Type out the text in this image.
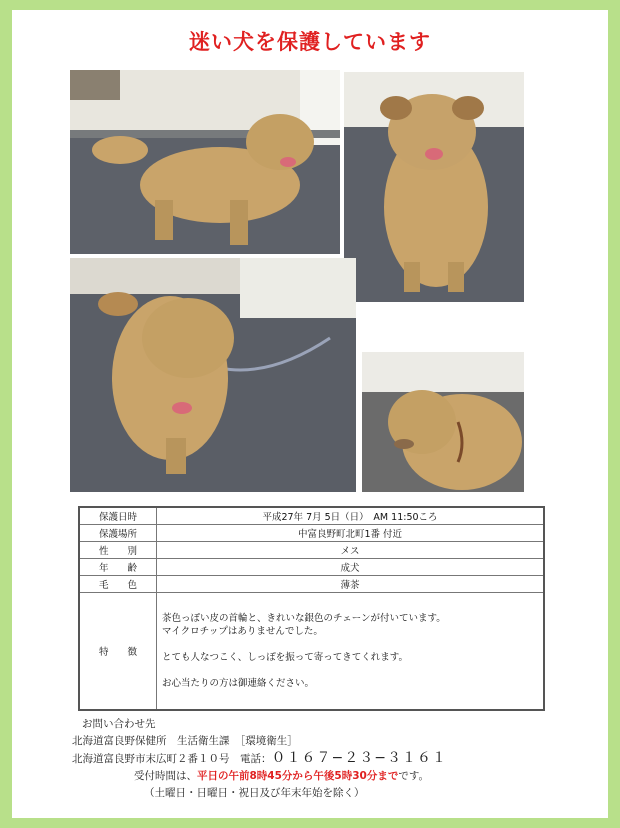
迷い犬を保護しています
保護日時	平成27年 7月 5日（日）　AM 11:50ころ
保護場所	中富良野町北町1番 付近
性　　別	メス
年　　齢	成犬
毛　　色	薄茶
特　　徴	茶色っぽい皮の首輪と、きれいな銀色のチェーンが付いています。
マイクロチップはありませんでした。
とても人なつこく、しっぽを振って寄ってきてくれます。
お心当たりの方は御連絡ください。
お問い合わせ先
北海道富良野保健所　生活衛生課　［環境衛生］
北海道富良野市末広町２番１０号　電話：０１６７−２３−３１６１
受付時間は、平日の午前8時45分から午後5時30分までです。
（土曜日・日曜日・祝日及び年末年始を除く）
